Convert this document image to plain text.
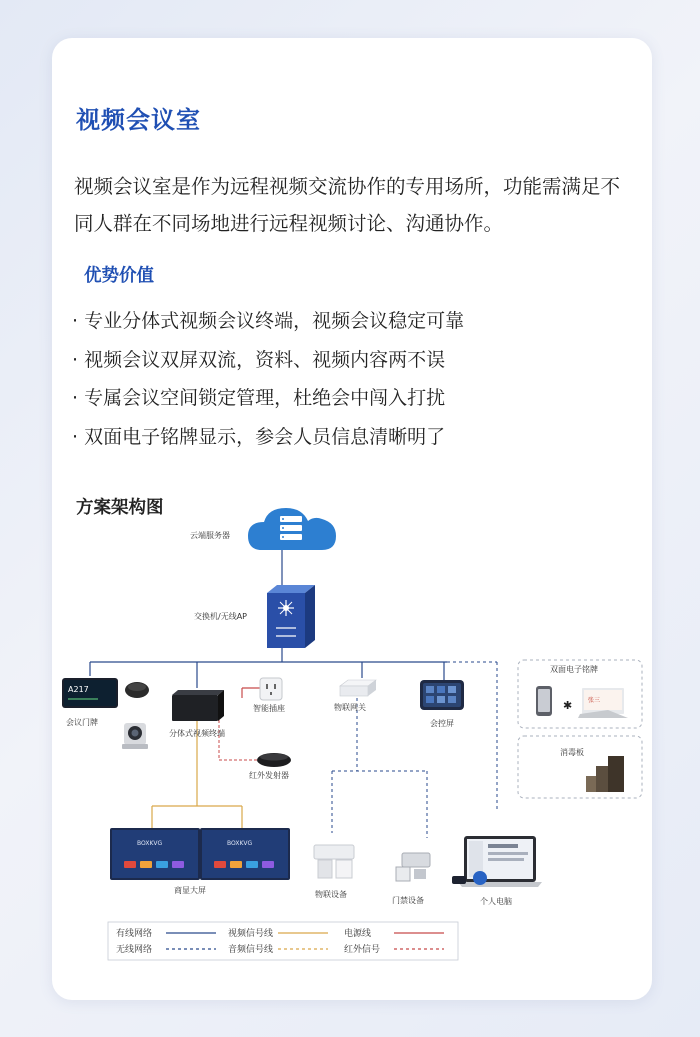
视频会议室
视频会议室是作为远程视频交流协作的专用场所，功能需满足不同人群在不同场地进行远程视频讨论、沟通协作。
优势价值
· 专业分体式视频会议终端，视频会议稳定可靠
· 视频会议双屏双流，资料、视频内容两不误
· 专属会议空间锁定管理，杜绝会中闯入打扰
· 双面电子铭牌显示，参会人员信息清晰明了
方案架构图
云端服务器
交换机/无线AP
A217
会议门牌
分体式视频终端
智能插座
红外发射器
物联网关
会控屏
双面电子铭牌
✱	张三
消毒板
BOXKVG	BOXKVG
商显大屏	物联设备
门禁设备	个人电脑
有线网络	视频信号线	电源线
无线网络	音频信号线	红外信号
